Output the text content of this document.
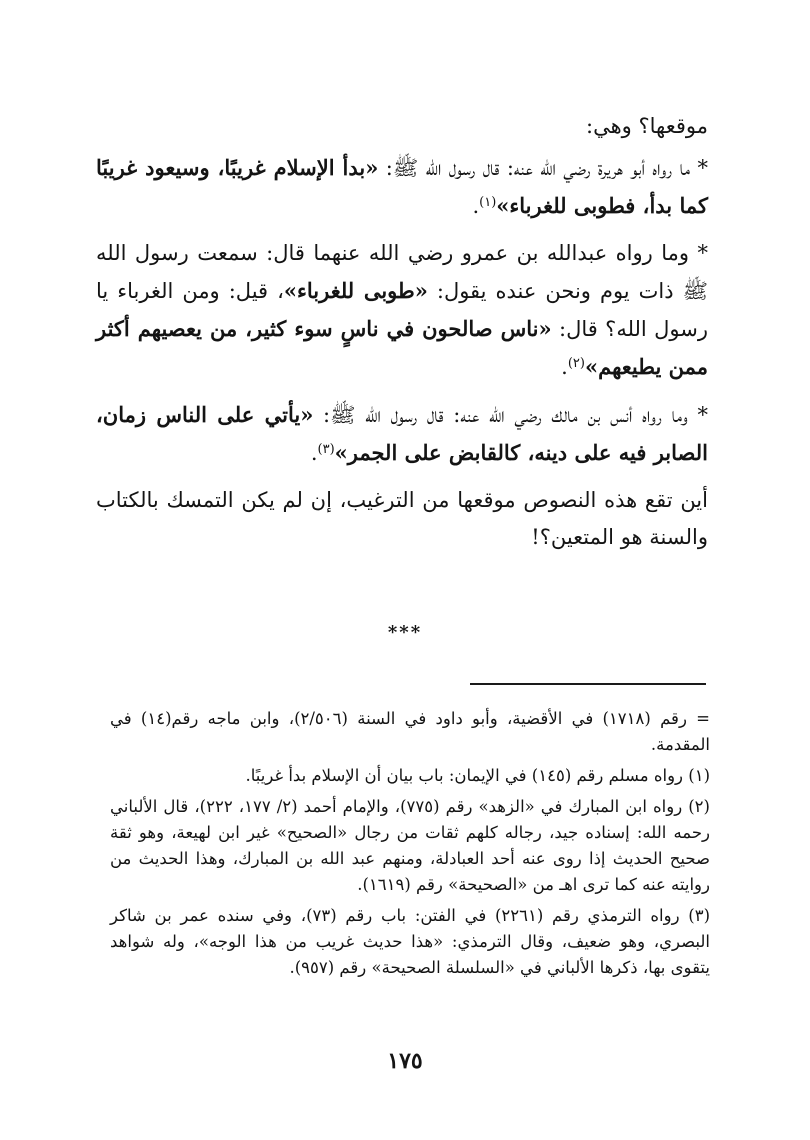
موقعها؟ وهي:

* ما رواه أبو هريرة رضي الله عنه: قال رسول الله ﷺ: «بدأ الإسلام غريبًا، وسيعود غريبًا كما بدأ، فطوبى للغرباء»$^{(١)}$.

* وما رواه عبدالله بن عمرو رضي الله عنهما قال: سمعت رسول الله ﷺ ذات يوم ونحن عنده يقول: «طوبى للغرباء»، قيل: ومن الغرباء يا رسول الله؟ قال: «ناس صالحون في ناسٍ سوء كثير، من يعصيهم أكثر ممن يطيعهم»$^{(٢)}$.

* وما رواه أنس بن مالك رضي الله عنه: قال رسول الله ﷺ: «يأتي على الناس زمان، الصابر فيه على دينه، كالقابض على الجمر»$^{(٣)}$.

أين تقع هذه النصوص موقعها من الترغيب، إن لم يكن التمسك بالكتاب والسنة هو المتعين؟!

***

= رقم (١٧١٨) في الأقضية، وأبو داود في السنة (٢/٥٠٦)، وابن ماجه رقم(١٤) في المقدمة.

(١) رواه مسلم رقم (١٤٥) في الإيمان: باب بيان أن الإسلام بدأ غريبًا.

(٢) رواه ابن المبارك في «الزهد» رقم (٧٧٥)، والإمام أحمد (٢/ ١٧٧، ٢٢٢)، قال الألباني رحمه الله: إسناده جيد، رجاله كلهم ثقات من رجال «الصحيح» غير ابن لهيعة، وهو ثقة صحيح الحديث إذا روى عنه أحد العبادلة، ومنهم عبد الله بن المبارك، وهذا الحديث من روايته عنه كما ترى اهـ من «الصحيحة» رقم (١٦١٩).

(٣) رواه الترمذي رقم (٢٢٦١) في الفتن: باب رقم (٧٣)، وفي سنده عمر بن شاكر البصري، وهو ضعيف، وقال الترمذي: «هذا حديث غريب من هذا الوجه»، وله شواهد يتقوى بها، ذكرها الألباني في «السلسلة الصحيحة» رقم (٩٥٧).

١٧٥
